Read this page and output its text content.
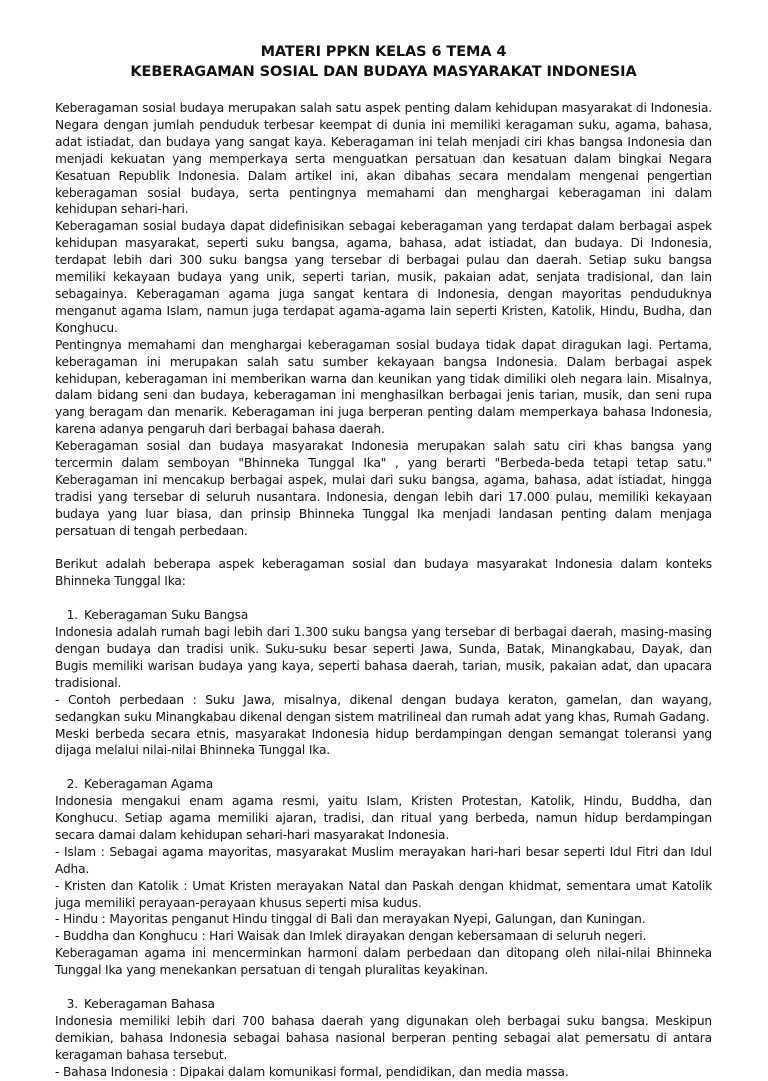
MATERI PPKN KELAS 6 TEMA 4
KEBERAGAMAN SOSIAL DAN BUDAYA MASYARAKAT INDONESIA

Keberagaman sosial budaya merupakan salah satu aspek penting dalam kehidupan masyarakat di Indonesia. Negara dengan jumlah penduduk terbesar keempat di dunia ini memiliki keragaman suku, agama, bahasa, adat istiadat, dan budaya yang sangat kaya. Keberagaman ini telah menjadi ciri khas bangsa Indonesia dan menjadi kekuatan yang memperkaya serta menguatkan persatuan dan kesatuan dalam bingkai Negara Kesatuan Republik Indonesia. Dalam artikel ini, akan dibahas secara mendalam mengenai pengertian keberagaman sosial budaya, serta pentingnya memahami dan menghargai keberagaman ini dalam kehidupan sehari-hari.

Keberagaman sosial budaya dapat didefinisikan sebagai keberagaman yang terdapat dalam berbagai aspek kehidupan masyarakat, seperti suku bangsa, agama, bahasa, adat istiadat, dan budaya. Di Indonesia, terdapat lebih dari 300 suku bangsa yang tersebar di berbagai pulau dan daerah. Setiap suku bangsa memiliki kekayaan budaya yang unik, seperti tarian, musik, pakaian adat, senjata tradisional, dan lain sebagainya. Keberagaman agama juga sangat kentara di Indonesia, dengan mayoritas penduduknya menganut agama Islam, namun juga terdapat agama-agama lain seperti Kristen, Katolik, Hindu, Budha, dan Konghucu.

Pentingnya memahami dan menghargai keberagaman sosial budaya tidak dapat diragukan lagi. Pertama, keberagaman ini merupakan salah satu sumber kekayaan bangsa Indonesia. Dalam berbagai aspek kehidupan, keberagaman ini memberikan warna dan keunikan yang tidak dimiliki oleh negara lain. Misalnya, dalam bidang seni dan budaya, keberagaman ini menghasilkan berbagai jenis tarian, musik, dan seni rupa yang beragam dan menarik. Keberagaman ini juga berperan penting dalam memperkaya bahasa Indonesia, karena adanya pengaruh dari berbagai bahasa daerah.

Keberagaman sosial dan budaya masyarakat Indonesia merupakan salah satu ciri khas bangsa yang tercermin dalam semboyan "Bhinneka Tunggal Ika" , yang berarti "Berbeda-beda tetapi tetap satu." Keberagaman ini mencakup berbagai aspek, mulai dari suku bangsa, agama, bahasa, adat istiadat, hingga tradisi yang tersebar di seluruh nusantara. Indonesia, dengan lebih dari 17.000 pulau, memiliki kekayaan budaya yang luar biasa, dan prinsip Bhinneka Tunggal Ika menjadi landasan penting dalam menjaga persatuan di tengah perbedaan.

Berikut adalah beberapa aspek keberagaman sosial dan budaya masyarakat Indonesia dalam konteks Bhinneka Tunggal Ika:

1. Keberagaman Suku Bangsa

Indonesia adalah rumah bagi lebih dari 1.300 suku bangsa yang tersebar di berbagai daerah, masing-masing dengan budaya dan tradisi unik. Suku-suku besar seperti Jawa, Sunda, Batak, Minangkabau, Dayak, dan Bugis memiliki warisan budaya yang kaya, seperti bahasa daerah, tarian, musik, pakaian adat, dan upacara tradisional.

- Contoh perbedaan : Suku Jawa, misalnya, dikenal dengan budaya keraton, gamelan, dan wayang, sedangkan suku Minangkabau dikenal dengan sistem matrilineal dan rumah adat yang khas, Rumah Gadang.

Meski berbeda secara etnis, masyarakat Indonesia hidup berdampingan dengan semangat toleransi yang dijaga melalui nilai-nilai Bhinneka Tunggal Ika.

2. Keberagaman Agama

Indonesia mengakui enam agama resmi, yaitu Islam, Kristen Protestan, Katolik, Hindu, Buddha, dan Konghucu. Setiap agama memiliki ajaran, tradisi, dan ritual yang berbeda, namun hidup berdampingan secara damai dalam kehidupan sehari-hari masyarakat Indonesia.

- Islam : Sebagai agama mayoritas, masyarakat Muslim merayakan hari-hari besar seperti Idul Fitri dan Idul Adha.

- Kristen dan Katolik : Umat Kristen merayakan Natal dan Paskah dengan khidmat, sementara umat Katolik juga memiliki perayaan-perayaan khusus seperti misa kudus.

- Hindu : Mayoritas penganut Hindu tinggal di Bali dan merayakan Nyepi, Galungan, dan Kuningan.

- Buddha dan Konghucu : Hari Waisak dan Imlek dirayakan dengan kebersamaan di seluruh negeri.

Keberagaman agama ini mencerminkan harmoni dalam perbedaan dan ditopang oleh nilai-nilai Bhinneka Tunggal Ika yang menekankan persatuan di tengah pluralitas keyakinan.

3. Keberagaman Bahasa

Indonesia memiliki lebih dari 700 bahasa daerah yang digunakan oleh berbagai suku bangsa. Meskipun demikian, bahasa Indonesia sebagai bahasa nasional berperan penting sebagai alat pemersatu di antara keragaman bahasa tersebut.

- Bahasa Indonesia : Dipakai dalam komunikasi formal, pendidikan, dan media massa.
